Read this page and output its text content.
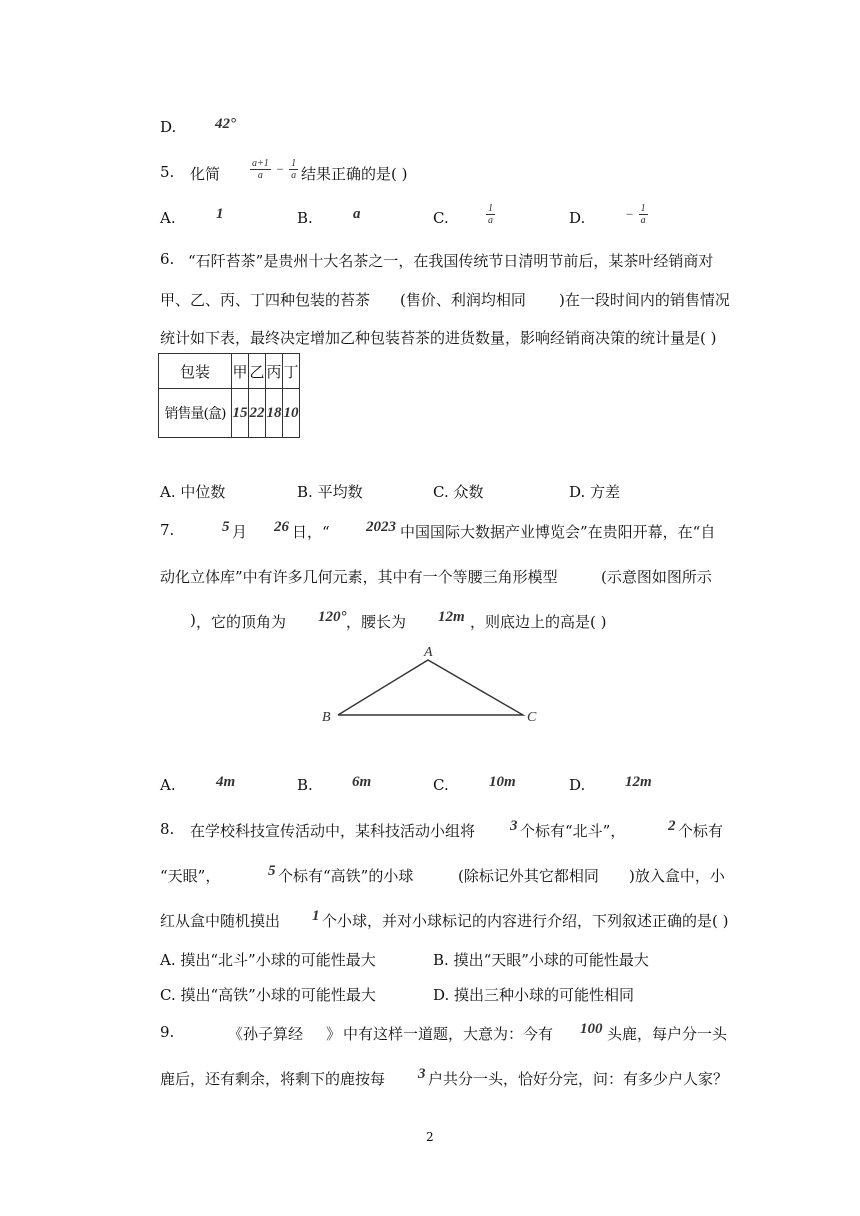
D.	42°
5. 化简	$\frac{a+1}{a} - \frac{1}{a}$ 结果正确的是( )
A.	1	B.	a	C.	$\frac{1}{a}$	D.	− $\frac{1}{a}$
6. “石阡苔茶”是贵州十大名茶之一，在我国传统节日清明节前后，某茶叶经销商对
甲、乙、丙、丁四种包装的苔茶 (售价、利润均相同 )在一段时间内的销售情况
统计如下表，最终决定增加乙种包装苔茶的进货数量，影响经销商决策的统计量是( )
包装	甲	乙	丙	丁
销售量(盒)	15	22	18	10
A. 中位数	B. 平均数	C. 众数	D. 方差
7.	5 月 26 日，“ 2023 中国国际大数据产业博览会”在贵阳开幕，在“自
动化立体库”中有许多几何元素，其中有一个等腰三角形模型	(示意图如图所示
) ，它的顶角为 120° ，腰长为 12m ，则底边上的高是( )
A
B	C
A.	4m	B.	6m	C.	10m	D.	12m
8. 在学校科技宣传活动中，某科技活动小组将 3 个标有“北斗”，	2 个标有
“天眼”，	5 个标有“高铁”的小球	(除标记外其它都相同 )放入盒中，小
红从盒中随机摸出 1 个小球，并对小球标记的内容进行介绍，下列叙述正确的是( )
A. 摸出“北斗”小球的可能性最大	B. 摸出“天眼”小球的可能性最大
C. 摸出“高铁”小球的可能性最大	D. 摸出三种小球的可能性相同
9.	《孙子算经 》 中有这样一道题，大意为：今有 100 头鹿，每户分一头
鹿后，还有剩余，将剩下的鹿按每 3 户共分一头，恰好分完，问：有多少户人家？
2
